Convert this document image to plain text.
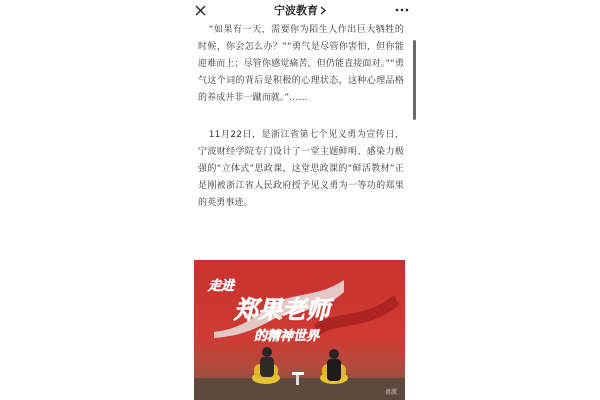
宁波教育

“如果有一天，需要你为陌生人作出巨大牺牲的时候，你会怎么办？”“勇气是尽管你害怕，但你能迎难而上；尽管你感觉痛苦，但仍能直接面对。”“勇气这个词的背后是积极的心理状态，这种心理品格的养成并非一蹴而就。”……

11月22日，是浙江省第七个见义勇为宣传日，宁波财经学院专门设计了一堂主题鲜明、感染力极强的“立体式”思政课，这堂思政课的“鲜活教材”正是刚被浙江省人民政府授予见义勇为一等功的郑果的英勇事迹。

走进
郑果老师
的精神世界
甬派
